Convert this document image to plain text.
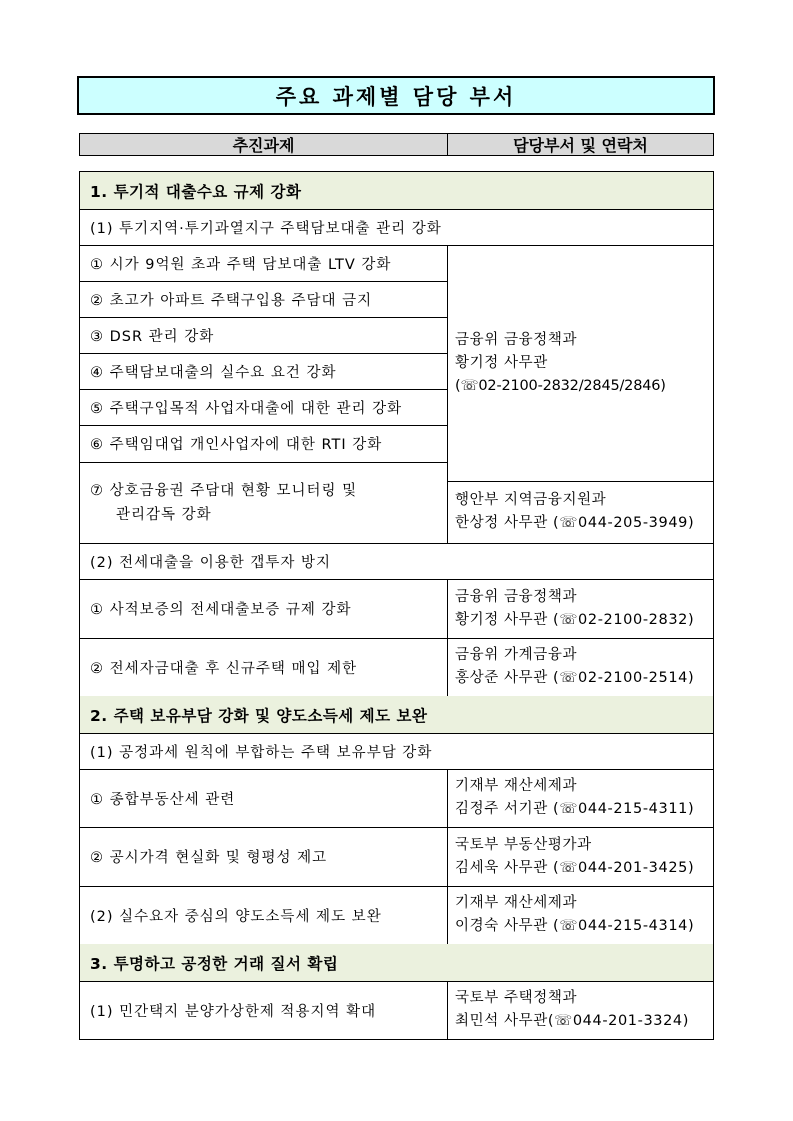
주요 과제별 담당 부서
추진과제	담당부서 및 연락처
1. 투기적 대출수요 규제 강화
(1) 투기지역·투기과열지구 주택담보대출 관리 강화
① 시가 9억원 초과 주택 담보대출 LTV 강화
② 초고가 아파트 주택구입용 주담대 금지
③ DSR 관리 강화
④ 주택담보대출의 실수요 요건 강화
⑤ 주택구입목적 사업자대출에 대한 관리 강화
⑥ 주택임대업 개인사업자에 대한 RTI 강화
⑦ 상호금융권 주담대 현황 모니터링 및
관리감독 강화
금융위 금융정책과
황기정 사무관
(☏02-2100-2832/2845/2846)
행안부 지역금융지원과
한상정 사무관 (☏044-205-3949)
(2) 전세대출을 이용한 갭투자 방지
① 사적보증의 전세대출보증 규제 강화
금융위 금융정책과
황기정 사무관 (☏02-2100-2832)
② 전세자금대출 후 신규주택 매입 제한
금융위 가계금융과
홍상준 사무관 (☏02-2100-2514)
2. 주택 보유부담 강화 및 양도소득세 제도 보완
(1) 공정과세 원칙에 부합하는 주택 보유부담 강화
① 종합부동산세 관련
기재부 재산세제과
김정주 서기관 (☏044-215-4311)
② 공시가격 현실화 및 형평성 제고
국토부 부동산평가과
김세욱 사무관 (☏044-201-3425)
(2) 실수요자 중심의 양도소득세 제도 보완
기재부 재산세제과
이경숙 사무관 (☏044-215-4314)
3. 투명하고 공정한 거래 질서 확립
(1) 민간택지 분양가상한제 적용지역 확대
국토부 주택정책과
최민석 사무관(☏044-201-3324)
